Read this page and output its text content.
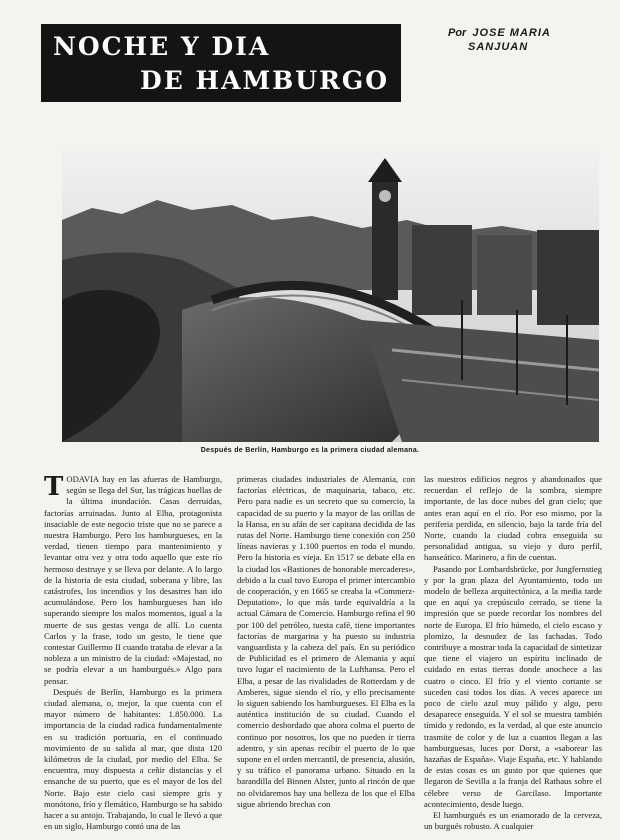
NOCHE Y DIA
DE HAMBURGO
Por JOSE MARIA
SANJUAN
Después de Berlín, Hamburgo es la primera ciudad alemana.

TODAVIA hay en las afueras de Hamburgo, según se llega del Sur, las trágicas huellas de la última inundación. Casas derruidas, factorías arruinadas. Junto al Elba, protagonista insaciable de este negocio triste que no se parece a nuestra Hamburgo. Pero los hamburgueses, en la verdad, tienen tiempo para mantenimiento y levantar otra vez y otra todo aquello que este río hermoso destruye y se lleva por delante. A lo largo de la historia de esta ciudad, soberana y libre, las catástrofes, los incendios y los desastres han ido acumulándose. Pero los hamburgueses han ido superando siempre los malos momentos, igual a la muerte de sus gestas venga de allí. Lo cuenta Carlos y la frase, todo un gesto, le tiene que contestar Guillermo II cuando trataba de elevar a la nobleza a un ministro de la ciudad: «Majestad, no se podría elevar a un hamburgués.» Algo para pensar.

Después de Berlín, Hamburgo es la primera ciudad alemana, o, mejor, la que cuenta con el mayor número de habitantes: 1.850.000. La importancia de la ciudad radica fundamentalmente en su tradición portuaria, en el continuado movimiento de su salida al mar, que dista 120 kilómetros de la ciudad, por medio del Elba. Se encuentra, muy dispuesta a ceñir distancias y el ensanche de su puerto, que es el mayor de los del Norte. Bajo este cielo casi siempre gris y monótono, frío y flemático, Hamburgo se ha sabido hacer a su antojo. Trabajando, lo cual le llevó a que en un siglo, Hamburgo contó una de las

primeras ciudades industriales de Alemania, con factorías eléctricas, de maquinaria, tabaco, etc. Pero para nadie es un secreto que su comercio, la capacidad de su puerto y la mayor de las orillas de la Hansa, en su afán de ser capitana decidida de las rutas del Norte. Hamburgo tiene conexión con 250 líneas navieras y 1.100 puertos en todo el mundo. Pero la historia es vieja. En 1517 se debate ella en la ciudad los «Bastiones de honorable mercaderes», debido a la cual tuvo Europa el primer intercambio de cooperación, y en 1665 se creaba la «Commerz-Deputation», lo que más tarde equivaldría a la actual Cámara de Comercio. Hamburgo refina el 90 por 100 del petróleo, tuesta café, tiene importantes factorías de margarina y ha puesto su industria vanguardista y la cabeza del país. En su periódico de Publicidad es el primero de Alemania y aquí tuvo lugar el nacimiento de la Lufthansa. Pero el Elba, a pesar de las rivalidades de Rotterdam y de Amberes, sigue siendo el río, y ello precisamente lo siguen sabiendo los hamburgueses. El Elba es la auténtica institución de su ciudad. Cuando el comercio desbordado que ahora colma el puerto de continuo por nosotros, los que no pueden ir tierra adentro, y sin apenas recibir el puerto de lo que supone en el orden mercantil, de presencia, alusión, y su tráfico el panorama urbano. Situado en la barandilla del Binnen Alster, junto al rincón de que no olvidaremos hay una belleza de los que el Elba sigue abriendo brechas con

las nuestros edificios negros y abandonados que recuerdan el reflejo de la sombra, siempre importante, de las doce nubes del gran cielo; que antes eran aquí en el río. Por eso mismo, por la periferia perdida, en silencio, bajo la tarde fría del Norte, cuando la ciudad cobra enseguida su personalidad antigua, su viejo y duro perfil, hanseático. Marinero, a fin de cuentas.

Pasando por Lombardsbrücke, por Jungfernstieg y por la gran plaza del Ayuntamiento, todo un modelo de belleza arquitectónica, a la media tarde que en aquí ya crepúsculo cerrado, se tiene la impresión que se puede recordar los nombres del norte de Europa. El frío húmedo, el cielo escaso y plomizo, la desnudez de las fachadas. Todo contribuye a mostrar toda la capacidad de sintetizar que tiene el viajero un espíritu inclinado de cuidado en estas tierras donde anochece a las cuatro o cinco. El frío y el viento cortante se suceden casi todos los días. A veces aparece un poco de cielo azul muy pálido y algo, pero desaparece enseguida. Y el sol se muestra también tímido y redondo, es la verdad, al que este anuncio trasmite de color y de luz a cuantos llegan a las hamburguesas, luces por Dorst, a «saborear las hazañas de España». Viaje España, etc. Y hablando de estas cosas es un gusto por que quienes que llegaron de Sevilla a la franja del Rathaus sobre el célebre verso de Garcilaso. Importante acontecimiento, desde luego.

El hamburgués es un enamorado de la cerveza, un burgués robusto. A cualquier
